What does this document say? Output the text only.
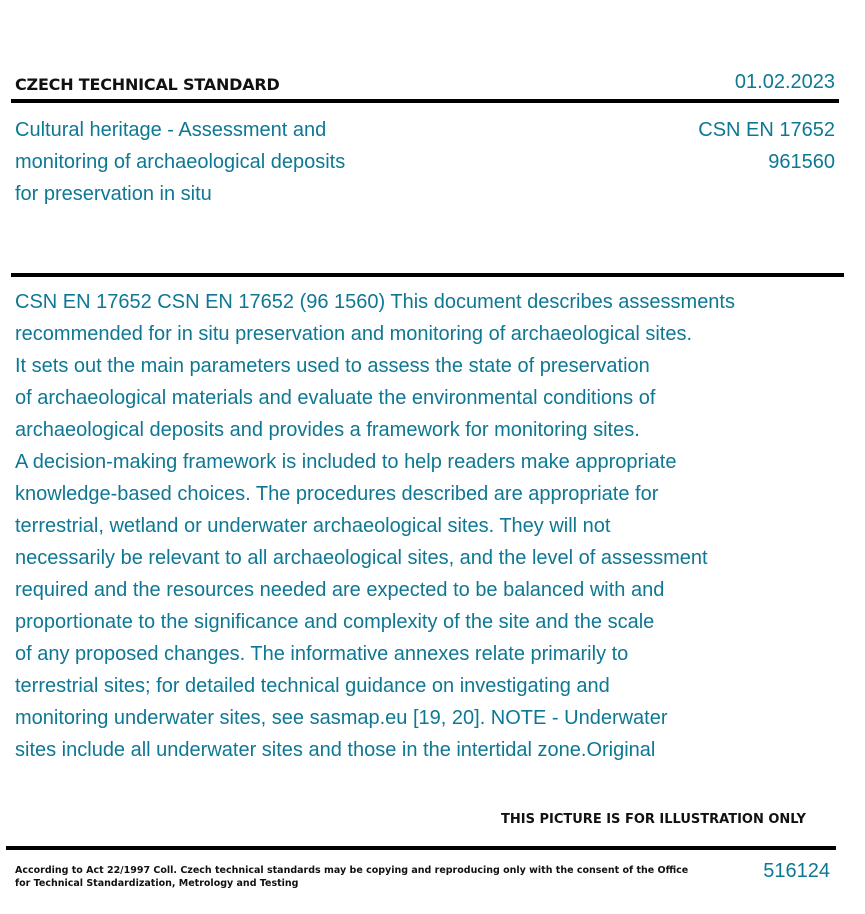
CZECH TECHNICAL STANDARD	01.02.2023
Cultural heritage - Assessment and
monitoring of archaeological deposits
for preservation in situ
CSN EN 17652
961560
CSN EN 17652 CSN EN 17652 (96 1560) This document describes assessments
recommended for in situ preservation and monitoring of archaeological sites.
It sets out the main parameters used to assess the state of preservation
of archaeological materials and evaluate the environmental conditions of
archaeological deposits and provides a framework for monitoring sites.
A decision-making framework is included to help readers make appropriate
knowledge-based choices. The procedures described are appropriate for
terrestrial, wetland or underwater archaeological sites. They will not
necessarily be relevant to all archaeological sites, and the level of assessment
required and the resources needed are expected to be balanced with and
proportionate to the significance and complexity of the site and the scale
of any proposed changes. The informative annexes relate primarily to
terrestrial sites; for detailed technical guidance on investigating and
monitoring underwater sites, see sasmap.eu [19, 20]. NOTE - Underwater
sites include all underwater sites and those in the intertidal zone.Original
THIS PICTURE IS FOR ILLUSTRATION ONLY
According to Act 22/1997 Coll. Czech technical standards may be copying and reproducing only with the consent of the Office
for Technical Standardization, Metrology and Testing
516124
